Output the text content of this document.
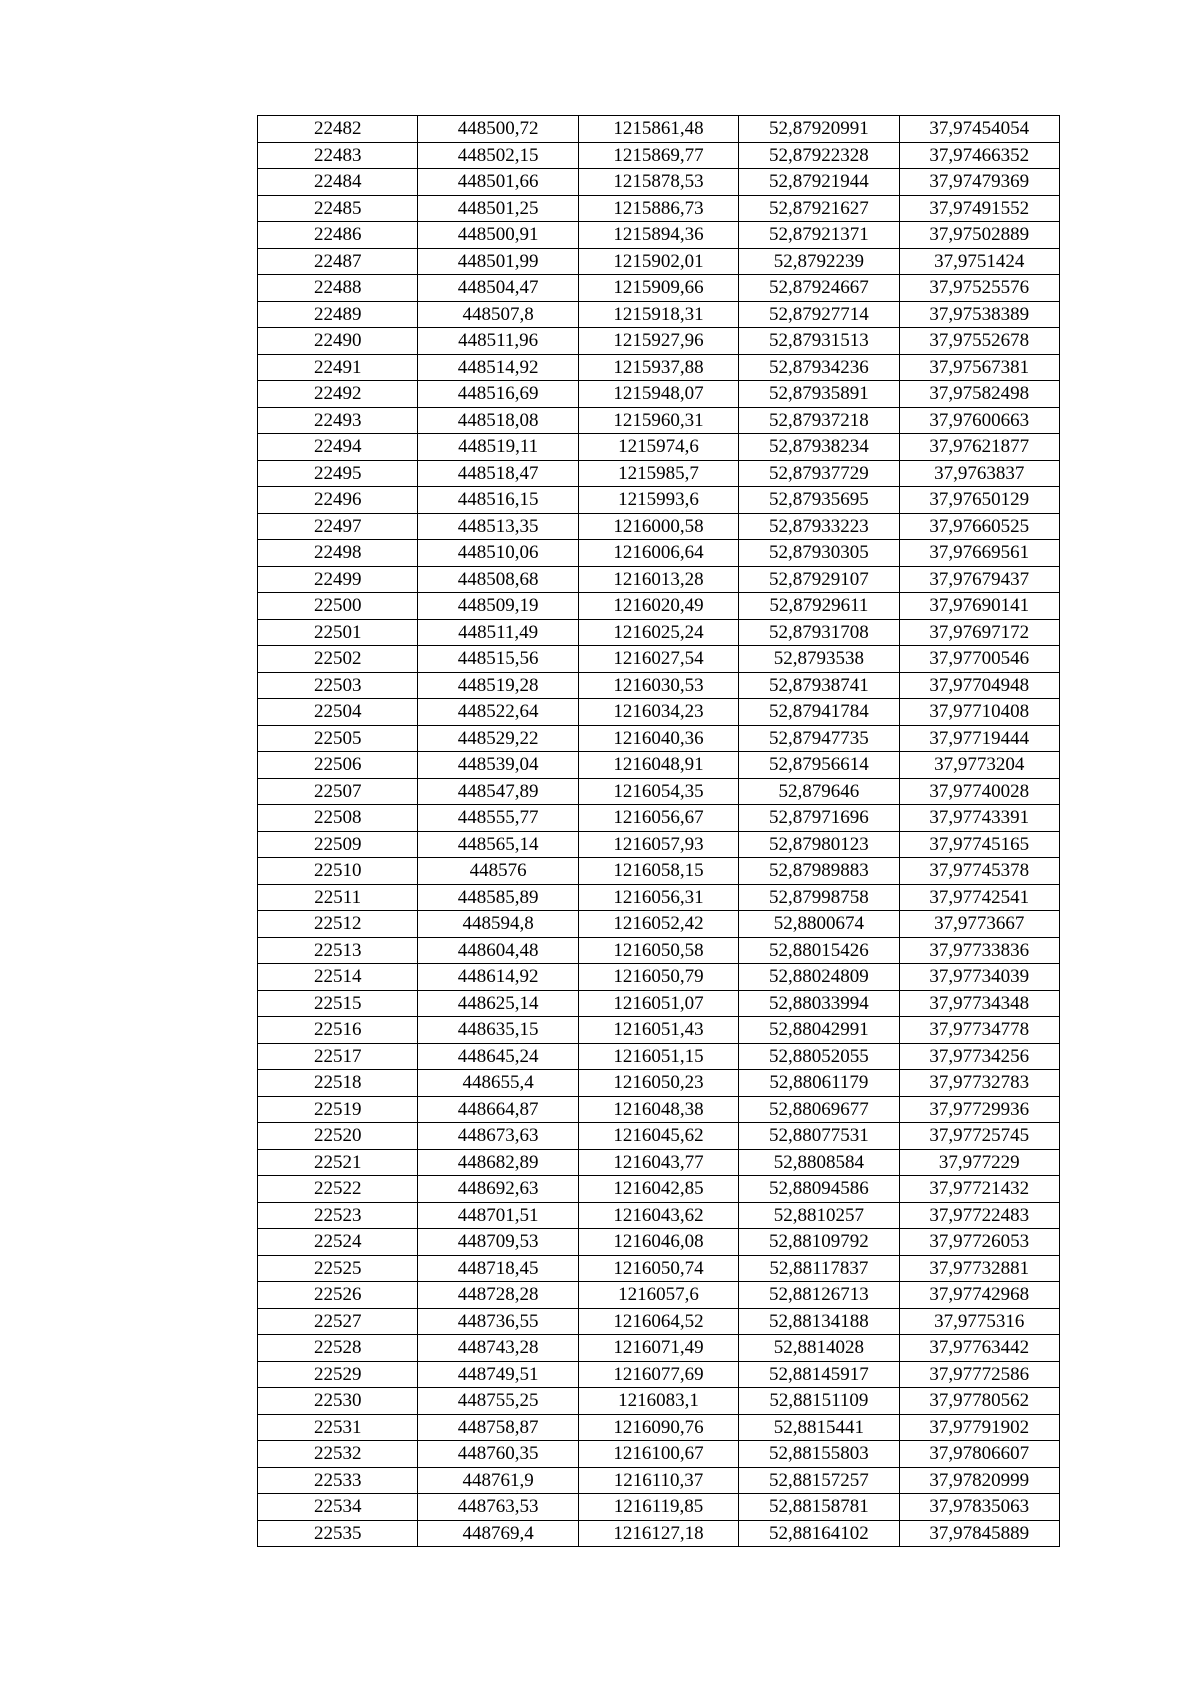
22482	448500,72	1215861,48	52,87920991	37,97454054
22483	448502,15	1215869,77	52,87922328	37,97466352
22484	448501,66	1215878,53	52,87921944	37,97479369
22485	448501,25	1215886,73	52,87921627	37,97491552
22486	448500,91	1215894,36	52,87921371	37,97502889
22487	448501,99	1215902,01	52,8792239	37,9751424
22488	448504,47	1215909,66	52,87924667	37,97525576
22489	448507,8	1215918,31	52,87927714	37,97538389
22490	448511,96	1215927,96	52,87931513	37,97552678
22491	448514,92	1215937,88	52,87934236	37,97567381
22492	448516,69	1215948,07	52,87935891	37,97582498
22493	448518,08	1215960,31	52,87937218	37,97600663
22494	448519,11	1215974,6	52,87938234	37,97621877
22495	448518,47	1215985,7	52,87937729	37,9763837
22496	448516,15	1215993,6	52,87935695	37,97650129
22497	448513,35	1216000,58	52,87933223	37,97660525
22498	448510,06	1216006,64	52,87930305	37,97669561
22499	448508,68	1216013,28	52,87929107	37,97679437
22500	448509,19	1216020,49	52,87929611	37,97690141
22501	448511,49	1216025,24	52,87931708	37,97697172
22502	448515,56	1216027,54	52,8793538	37,97700546
22503	448519,28	1216030,53	52,87938741	37,97704948
22504	448522,64	1216034,23	52,87941784	37,97710408
22505	448529,22	1216040,36	52,87947735	37,97719444
22506	448539,04	1216048,91	52,87956614	37,9773204
22507	448547,89	1216054,35	52,879646	37,97740028
22508	448555,77	1216056,67	52,87971696	37,97743391
22509	448565,14	1216057,93	52,87980123	37,97745165
22510	448576	1216058,15	52,87989883	37,97745378
22511	448585,89	1216056,31	52,87998758	37,97742541
22512	448594,8	1216052,42	52,8800674	37,9773667
22513	448604,48	1216050,58	52,88015426	37,97733836
22514	448614,92	1216050,79	52,88024809	37,97734039
22515	448625,14	1216051,07	52,88033994	37,97734348
22516	448635,15	1216051,43	52,88042991	37,97734778
22517	448645,24	1216051,15	52,88052055	37,97734256
22518	448655,4	1216050,23	52,88061179	37,97732783
22519	448664,87	1216048,38	52,88069677	37,97729936
22520	448673,63	1216045,62	52,88077531	37,97725745
22521	448682,89	1216043,77	52,8808584	37,977229
22522	448692,63	1216042,85	52,88094586	37,97721432
22523	448701,51	1216043,62	52,8810257	37,97722483
22524	448709,53	1216046,08	52,88109792	37,97726053
22525	448718,45	1216050,74	52,88117837	37,97732881
22526	448728,28	1216057,6	52,88126713	37,97742968
22527	448736,55	1216064,52	52,88134188	37,9775316
22528	448743,28	1216071,49	52,8814028	37,97763442
22529	448749,51	1216077,69	52,88145917	37,97772586
22530	448755,25	1216083,1	52,88151109	37,97780562
22531	448758,87	1216090,76	52,8815441	37,97791902
22532	448760,35	1216100,67	52,88155803	37,97806607
22533	448761,9	1216110,37	52,88157257	37,97820999
22534	448763,53	1216119,85	52,88158781	37,97835063
22535	448769,4	1216127,18	52,88164102	37,97845889
